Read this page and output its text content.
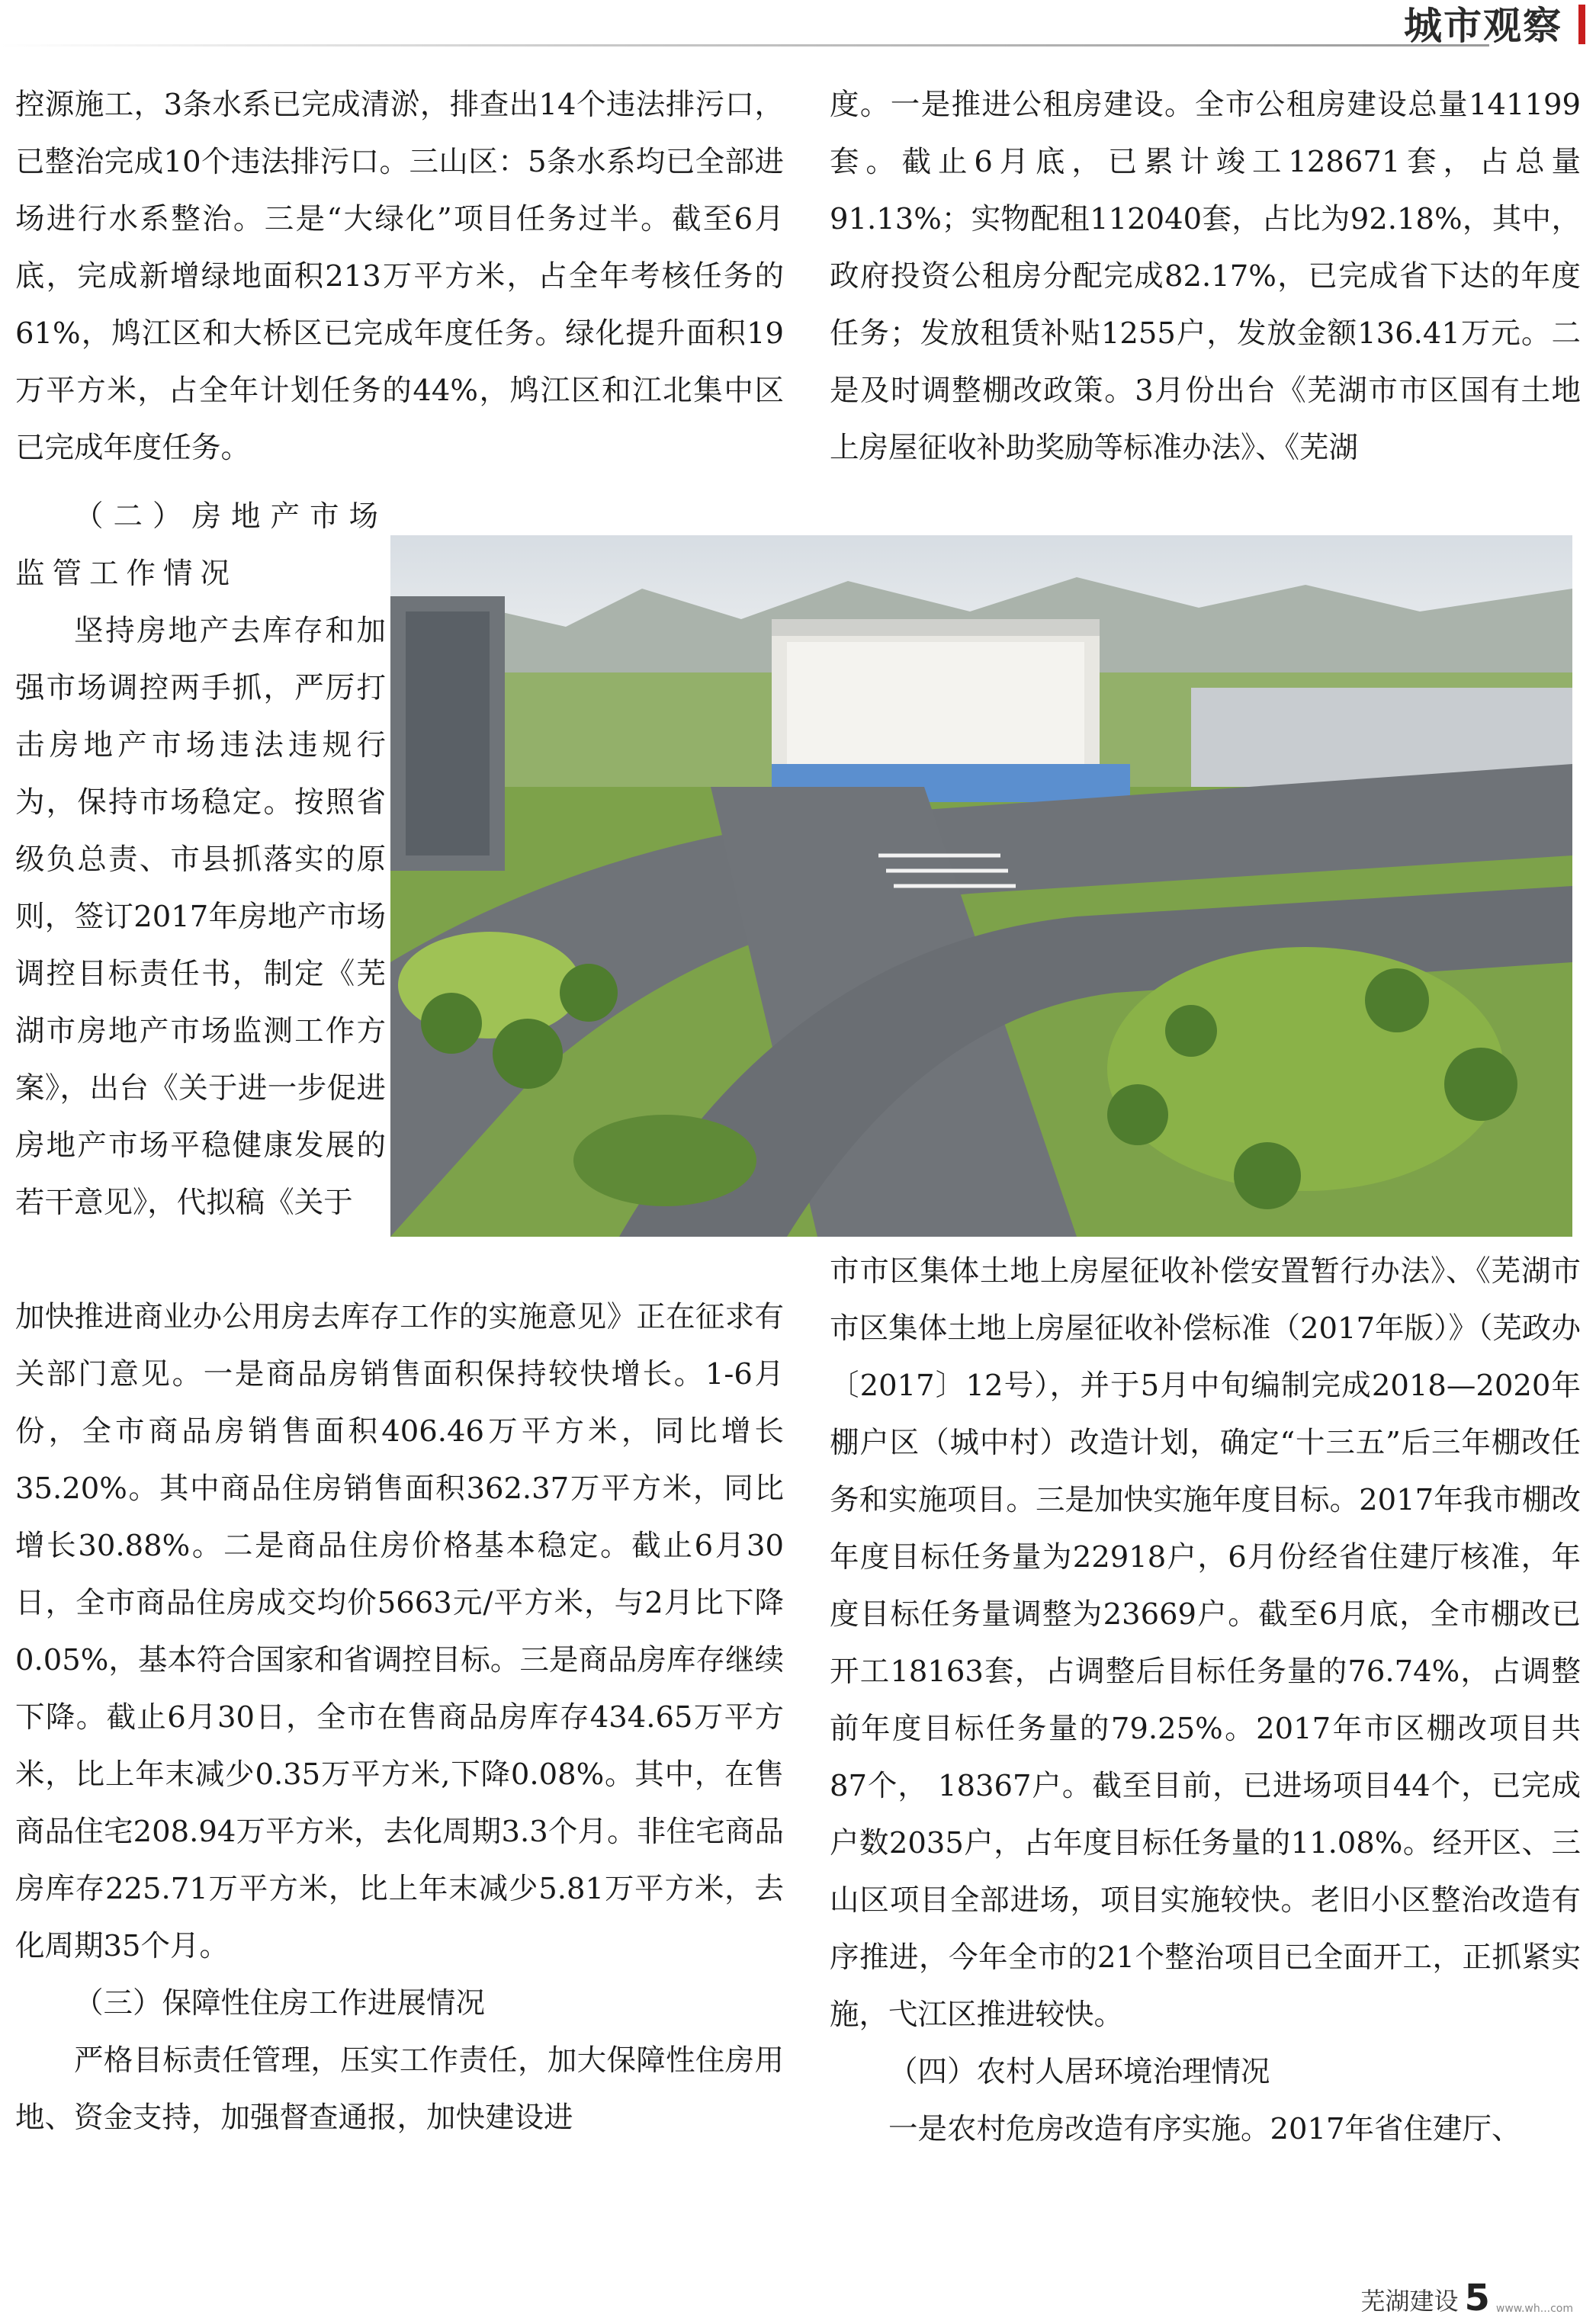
城市观察

控源施工，3条水系已完成清淤，排查出14个违法排污口，已整治完成10个违法排污口。三山区：5条水系均已全部进场进行水系整治。三是“大绿化”项目任务过半。截至6月底，完成新增绿地面积213万平方米，占全年考核任务的61%，鸠江区和大桥区已完成年度任务。绿化提升面积19万平方米，占全年计划任务的44%，鸠江区和江北集中区已完成年度任务。

（二）房地产市场监管工作情况

坚持房地产去库存和加强市场调控两手抓，严厉打击房地产市场违法违规行为，保持市场稳定。按照省级负总责、市县抓落实的原则，签订2017年房地产市场调控目标责任书，制定《芜湖市房地产市场监测工作方案》，出台《关于进一步促进房地产市场平稳健康发展的若干意见》，代拟稿《关于

加快推进商业办公用房去库存工作的实施意见》正在征求有关部门意见。一是商品房销售面积保持较快增长。1-6月份，全市商品房销售面积406.46万平方米，同比增长35.20%。其中商品住房销售面积362.37万平方米，同比增长30.88%。二是商品住房价格基本稳定。截止6月30日，全市商品住房成交均价5663元/平方米，与2月比下降0.05%，基本符合国家和省调控目标。三是商品房库存继续下降。截止6月30日，全市在售商品房库存434.65万平方米，比上年末减少0.35万平方米,下降0.08%。其中，在售商品住宅208.94万平方米，去化周期3.3个月。非住宅商品房库存225.71万平方米，比上年末减少5.81万平方米，去化周期35个月。

（三）保障性住房工作进展情况

严格目标责任管理，压实工作责任，加大保障性住房用地、资金支持，加强督查通报，加快建设进

度。一是推进公租房建设。全市公租房建设总量141199套。截止6月底，已累计竣工128671套，占总量91.13%；实物配租112040套，占比为92.18%，其中，政府投资公租房分配完成82.17%，已完成省下达的年度任务；发放租赁补贴1255户，发放金额136.41万元。二是及时调整棚改政策。3月份出台《芜湖市市区国有土地上房屋征收补助奖励等标准办法》、《芜湖

市市区集体土地上房屋征收补偿安置暂行办法》、《芜湖市市区集体土地上房屋征收补偿标准（2017年版）》（芜政办〔2017〕12号），并于5月中旬编制完成2018—2020年棚户区（城中村）改造计划，确定“十三五”后三年棚改任务和实施项目。三是加快实施年度目标。2017年我市棚改年度目标任务量为22918户，6月份经省住建厅核准，年度目标任务量调整为23669户。截至6月底，全市棚改已开工18163套，占调整后目标任务量的76.74%，占调整前年度目标任务量的79.25%。2017年市区棚改项目共87个， 18367户。截至目前，已进场项目44个，已完成户数2035户，占年度目标任务量的11.08%。经开区、三山区项目全部进场，项目实施较快。老旧小区整治改造有序推进，今年全市的21个整治项目已全面开工，正抓紧实施，弋江区推进较快。

（四）农村人居环境治理情况

一是农村危房改造有序实施。2017年省住建厅、

芜湖建设 5 www.wh...com
